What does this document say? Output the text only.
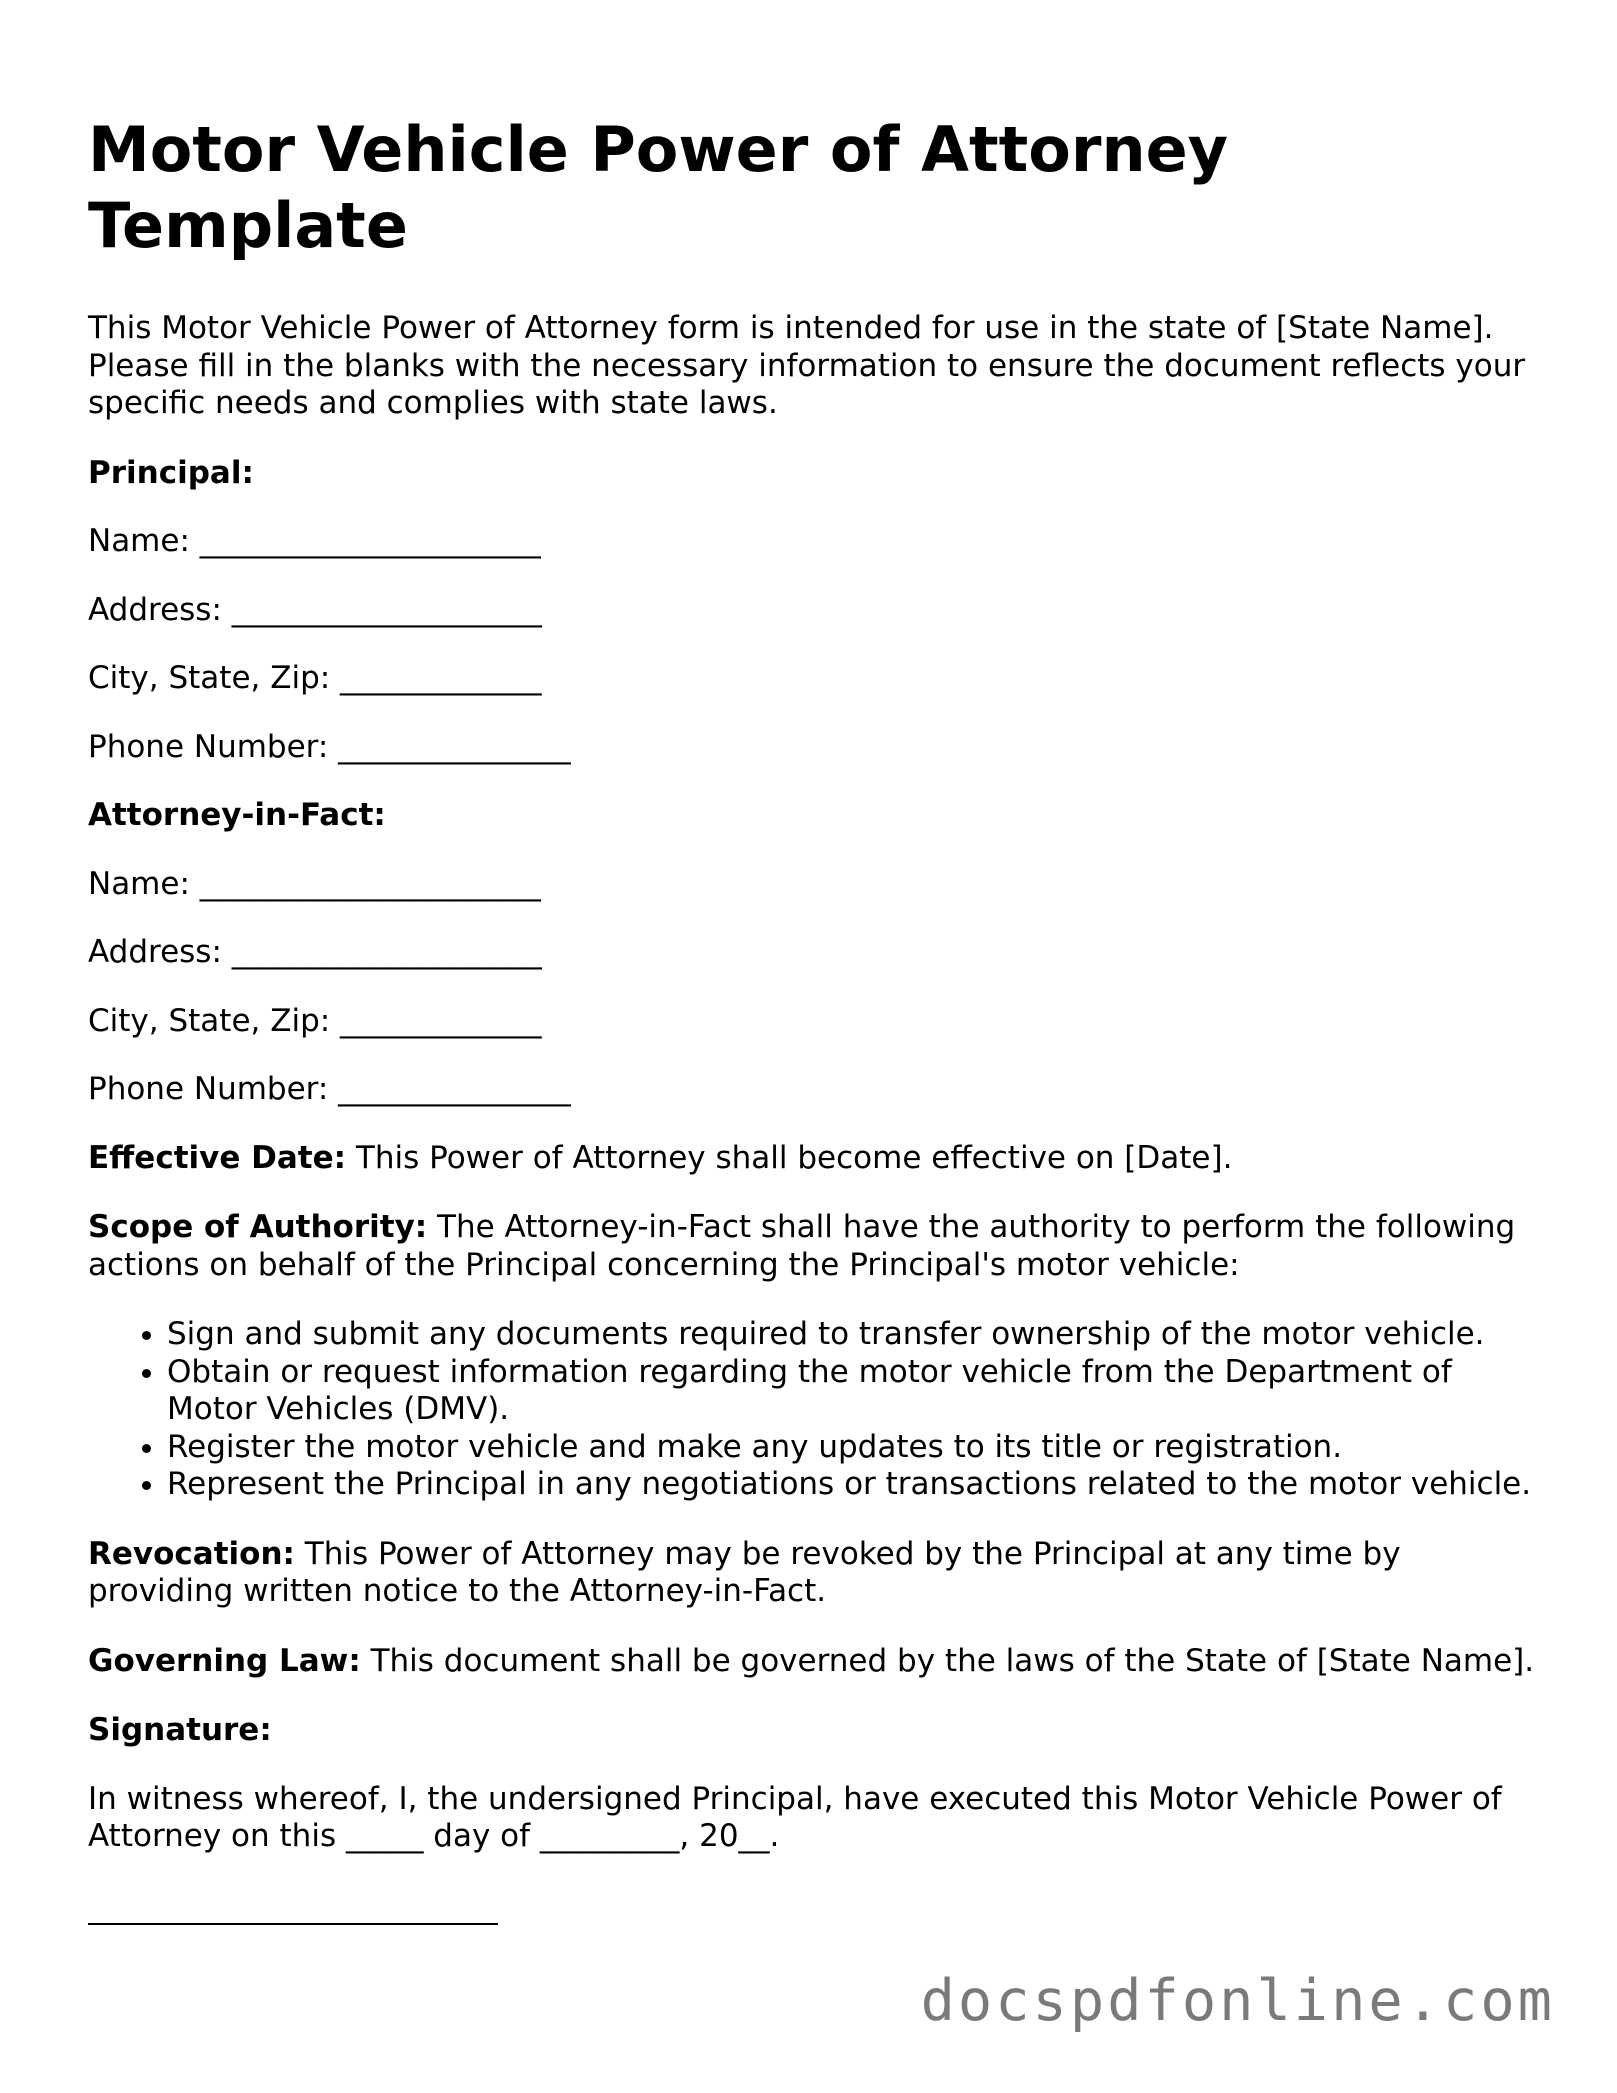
Motor Vehicle Power of Attorney Template

This Motor Vehicle Power of Attorney form is intended for use in the state of [State Name]. Please fill in the blanks with the necessary information to ensure the document reflects your specific needs and complies with state laws.

Principal:

Name: ______________________

Address: ____________________

City, State, Zip: _____________

Phone Number: _______________

Attorney-in-Fact:

Name: ______________________

Address: ____________________

City, State, Zip: _____________

Phone Number: _______________

Effective Date: This Power of Attorney shall become effective on [Date].

Scope of Authority: The Attorney-in-Fact shall have the authority to perform the following actions on behalf of the Principal concerning the Principal's motor vehicle:

• Sign and submit any documents required to transfer ownership of the motor vehicle.
• Obtain or request information regarding the motor vehicle from the Department of Motor Vehicles (DMV).
• Register the motor vehicle and make any updates to its title or registration.
• Represent the Principal in any negotiations or transactions related to the motor vehicle.

Revocation: This Power of Attorney may be revoked by the Principal at any time by providing written notice to the Attorney-in-Fact.

Governing Law: This document shall be governed by the laws of the State of [State Name].

Signature:

In witness whereof, I, the undersigned Principal, have executed this Motor Vehicle Power of Attorney on this _____ day of _________, 20__.

docspdfonline.com
